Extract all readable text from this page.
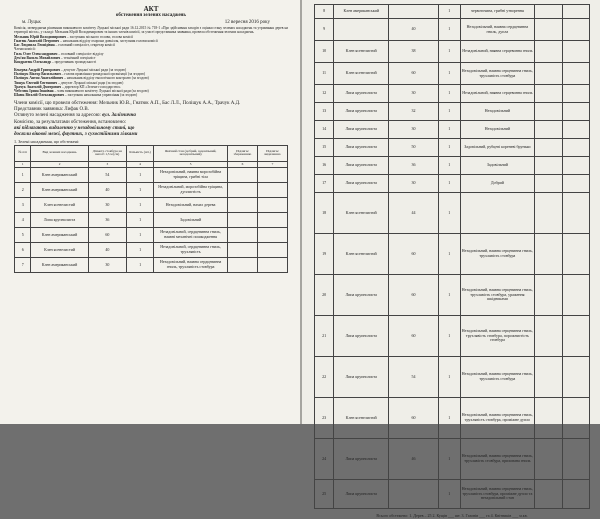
АКТ
обстеження зелених насаджень
м. Луцьк	12 вересня 2016 року

Комісія, затверджена рішенням виконавчого комітету Луцької міської ради 16.12.2015 № 718-1 «Про здійснення заходів з оцінки стану зелених насаджень та утримання дерев на території міста», у складі: Мельник Юрій Володимирович та інших членів комісії, за участі представника заявника, провела обстеження зелених насаджень.

Мельник Юрій Володимирович – заступник міського голови, голова комісії

Гнатюк Анатолій Петрович – начальник відділу охорони довкілля, заступник голови комісії

Бас Людмила Леонідівна – головний спеціаліст, секретар комісії

Члени комісії:

Гиль Олег Олександрович – головний спеціаліст відділу

Дем'ян Василь Михайлович – технічний спеціаліст

Кондратюк Олександр – представник громадськості

Кекерва Андрій Григорович – депутат Луцької міської ради (за згодою)

Поліщук Віктор Васильович – голова правління громадської організації (за згодою)

Поліщук Антон Анатолійович – начальник відділу екологічного контролю (за згодою)

Тищук Євгеній Євгенович – депутат Луцької міської ради (за згодою)

Трачук Анатолій Дмитрович – директор КП «Зелене господарство»

Чебелюк Ірина Іванівна – член виконавчого комітету Луцької міської ради (за згодою)

Шаюк Віталій Олександрович – заступник начальника управління (за згодою)

Члени комісії, що провели обстеження: Мельник Ю.В., Гнатюк А.П., Бас Л.Л., Поліщук А.А., Трачук А.Д.

Представник заявника: Лифак О.В.

Оглянуто зелені насадження за адресою: вул. Залізнична

Комісією, за результатами обстеження, встановлено:

які підлягають видаленню у незадовільному стані, що

досягли вікової межі, фаутних, з сухостійними гілками

1. Зелені насадження, що обстежені:

№ п/п	Вид зелених насаджень	Діаметр стовбура на висоті 1,3 м (см)	Кількість (шт.)	Якісний стан (добрий, задовільний, незадовільний)	Підлягає збереженню	Підлягає видаленню
1	2	3	4	5	6	7
1	Клен американський	54	1	Незадовільний, наявна морозобійна тріщина, грибні тіла		
2	Клен американський	40	1	Незадовільний, морозобійна тріщина, дуплистість		
3	Клен ясенелистий	30	1	Незадовільний, нахил дерева		
4	Липа крупнолиста	36	1	Задовільний		
5	Клен американський	60	1	Незадовільний, сердцевинна гниль, наявні механічні пошкодження		
6	Клен ясенелистий	40	1	Незадовільний, сердцевинна гниль, трухлявість		
7	Клен американський	30	1	Незадовільний, наявна сердцевинна гниль, трухлявість стовбура		
8	Клен американський		1	червоточина, грибні утворення		
9		40	1	Незадовільний, наявна сердцевинна гниль, дупла		
10	Клен ясенелистий	38	1	Незадовільний, наявна серцевинна гниль		
11	Клен ясенелистий	60	1	Незадовільний, наявна серцевинна гниль, трухлявість стовбура		
12	Липа крупнолиста	30	1	Незадовільний, наявна серцевинна гниль		
13	Липа крупнолиста	32	1	Незадовільний		
14	Липа крупнолиста	30	1	Незадовільний		
15	Липа крупнолиста	50	1	Задовільний, рубцеві кореневі бруньки		
16	Липа крупнолиста	36	1	Задовільний		
17	Липа крупнолиста	30	1	Добрий		
18	Клен ясенелистий	44	1			
19	Клен ясенелистий	60	1	Незадовільний, наявна серцевинна гниль, трухлявість стовбура		
20	Липа крупнолиста	60	1	Незадовільний, наявна серцевинна гниль, трухлявість стовбура, ураження шкідниками		
21	Липа крупнолиста	60	1	Незадовільний, наявна серцевинна гниль, трухлявість стовбура, порожнистість стовбура		
22	Липа крупнолиста	54	1	Незадовільний, наявна серцевинна гниль, трухлявість стовбура		
23	Клен ясенелистий	60	1	Незадовільний, наявна серцевинна гниль, трухлявість стовбура, проміжне дупло		
24	Липа крупнолиста	46	1	Незадовільний, наявна серцевинна гниль, трухлявість стовбура, прихована гниль		
25	Липа крупнолиста		1	Незадовільний, наявна серцевинна гниль, трухлявість стовбура, проміжне дупло та незадовільний стан		
Всього обстежено: 1. Дерев – 25 2. Кущів ___ шт. 3. Газонів ___ га 4. Квітників ___ м.кв.
